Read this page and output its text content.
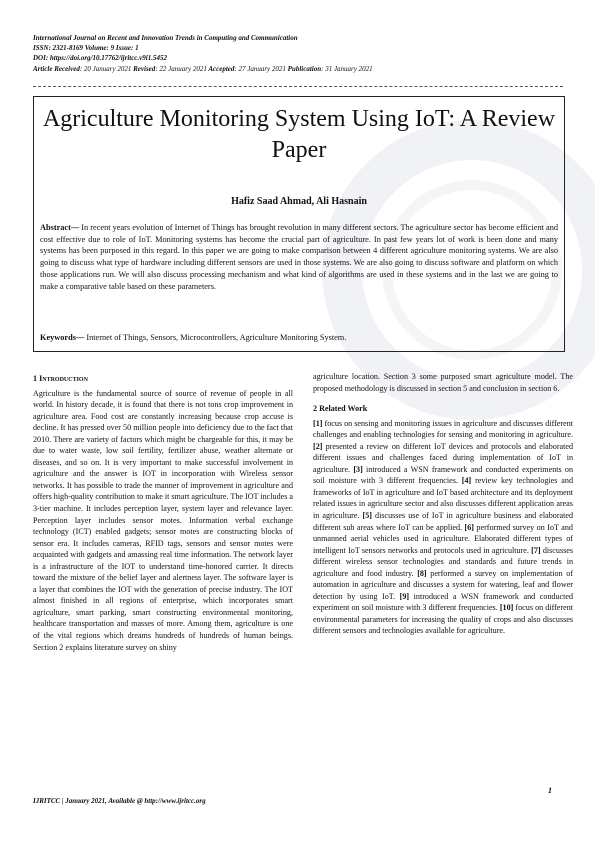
International Journal on Recent and Innovation Trends in Computing and Communication
ISSN: 2321-8169 Volume: 9 Issue: 1
DOI: https://doi.org/10.17762/ijritcc.v9i1.5452
Article Received: 20 January 2021 Revised: 22 January 2021 Accepted: 27 January 2021 Publication: 31 January 2021
Agriculture Monitoring System Using IoT: A Review Paper
Hafiz Saad Ahmad, Ali Hasnain
Abstract— In recent years evolution of Internet of Things has brought revolution in many different sectors. The agriculture sector has become efficient and cost effective due to role of IoT. Monitoring systems has become the crucial part of agriculture. In past few years lot of work is been done and many systems has been purposed in this regard. In this paper we are going to make comparison between 4 different agriculture monitoring systems. We are also going to discuss what type of hardware including different sensors are used in those systems. We are also going to discuss software and platform on which those applications run. We will also discuss processing mechanism and what kind of algorithms are used in these systems and in the last we are going to make a comparative table based on these parameters.
Keywords— Internet of Things, Sensors, Microcontrollers, Agriculture Monitoring System.
1 Introduction

Agriculture is the fundamental source of source of revenue of people in all world. In history decade, it is found that there is not tons crop improvement in agriculture area. Food cost are constantly increasing because crop accuse is decline. It has pressed over 50 million people into deficiency due to the fact that 2010. There are variety of factors which might be chargeable for this, it may be due to water waste, low soil fertility, fertilizer abuse, weather alternate or diseases, and so on. It is very important to make successful involvement in agriculture and the answer is IOT in incorporation with Wireless sensor networks. It has possible to trade the manner of improvement in agriculture and offers high-quality contribution to make it smart agriculture. The IOT includes a 3-tier machine. It includes perception layer, system layer and relevance layer. Perception layer includes sensor motes. Information verbal exchange technology (ICT) enabled gadgets; sensor motes are constructing blocks of sensor era. It includes cameras, RFID tags, sensors and sensor motes were acquainted with gadgets and amassing real time information. The network layer is a infrastructure of the IOT to understand time-honored carrier. It directs toward the mixture of the belief layer and alertness layer. The software layer is a layer that combines the IOT with the generation of precise industry. The IOT almost finished in all regions of enterprise, which incorporates smart agriculture, smart parking, smart constructing environmental monitoring, healthcare transportation and masses of more. Among them, agriculture is one of the vital regions which dreams hundreds of hundreds of human beings. Section 2 explains literature survey on shiny

agriculture location. Section 3 some purposed smart agriculture model. The proposed methodology is discussed in section 5 and conclusion in section 6.

2 Related Work

[1] focus on sensing and monitoring issues in agriculture and discusses different challenges and enabling technologies for sensing and monitoring in agriculture. [2] presented a review on different IoT devices and protocols and elaborated different issues and challenges faced during implementation of IoT in agriculture. [3] introduced a WSN framework and conducted experiments on soil moisture with 3 different frequencies. [4] review key technologies and frameworks of IoT in agriculture and IoT based architecture and its deployment related issues in agriculture sector and also discusses different application areas in agriculture. [5] discusses use of IoT in agriculture business and elaborated different sub areas where IoT can be applied. [6] performed survey on IoT and unmanned aerial vehicles used in agriculture. Elaborated different types of intelligent IoT sensors networks and protocols used in agriculture. [7] discusses different wireless sensor technologies and standards and future trends in agriculture and food industry. [8] performed a survey on implementation of automation in agriculture and discusses a system for watering, leaf and flower detection by using IoT. [9] introduced a WSN framework and conducted experiment on soil moisture with 3 different frequencies. [10] focus on different environmental parameters for increasing the quality of crops and also discusses different sensors and technologies available for agriculture.

1
IJRITCC | January 2021, Available @ http://www.ijritcc.org
